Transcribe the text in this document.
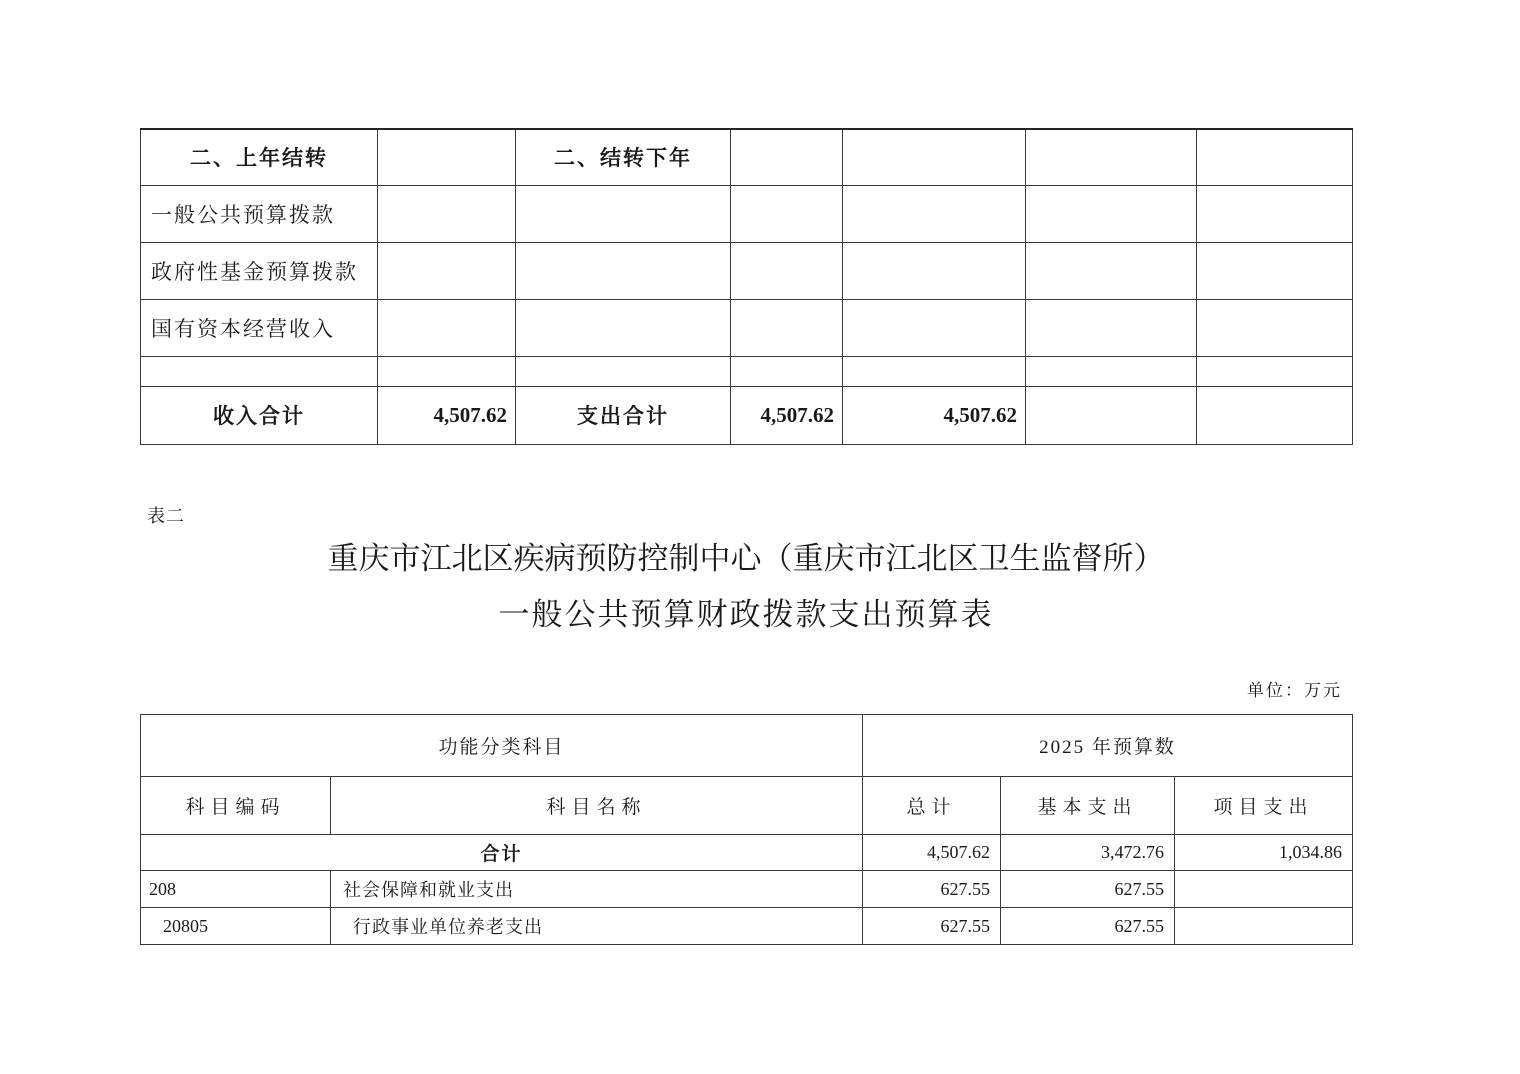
二、上年结转		二、结转下年				
一般公共预算拨款						
政府性基金预算拨款						
国有资本经营收入						

收入合计	4,507.62	支出合计	4,507.62	4,507.62		
表二
重庆市江北区疾病预防控制中心（重庆市江北区卫生监督所）
一般公共预算财政拨款支出预算表
单位：万元
功能分类科目		2025 年预算数		
科目编码	科目名称	总计	基本支出	项目支出
合计		4,507.62	3,472.76	1,034.86
208	社会保障和就业支出	627.55	627.55	
20805	行政事业单位养老支出	627.55	627.55	
